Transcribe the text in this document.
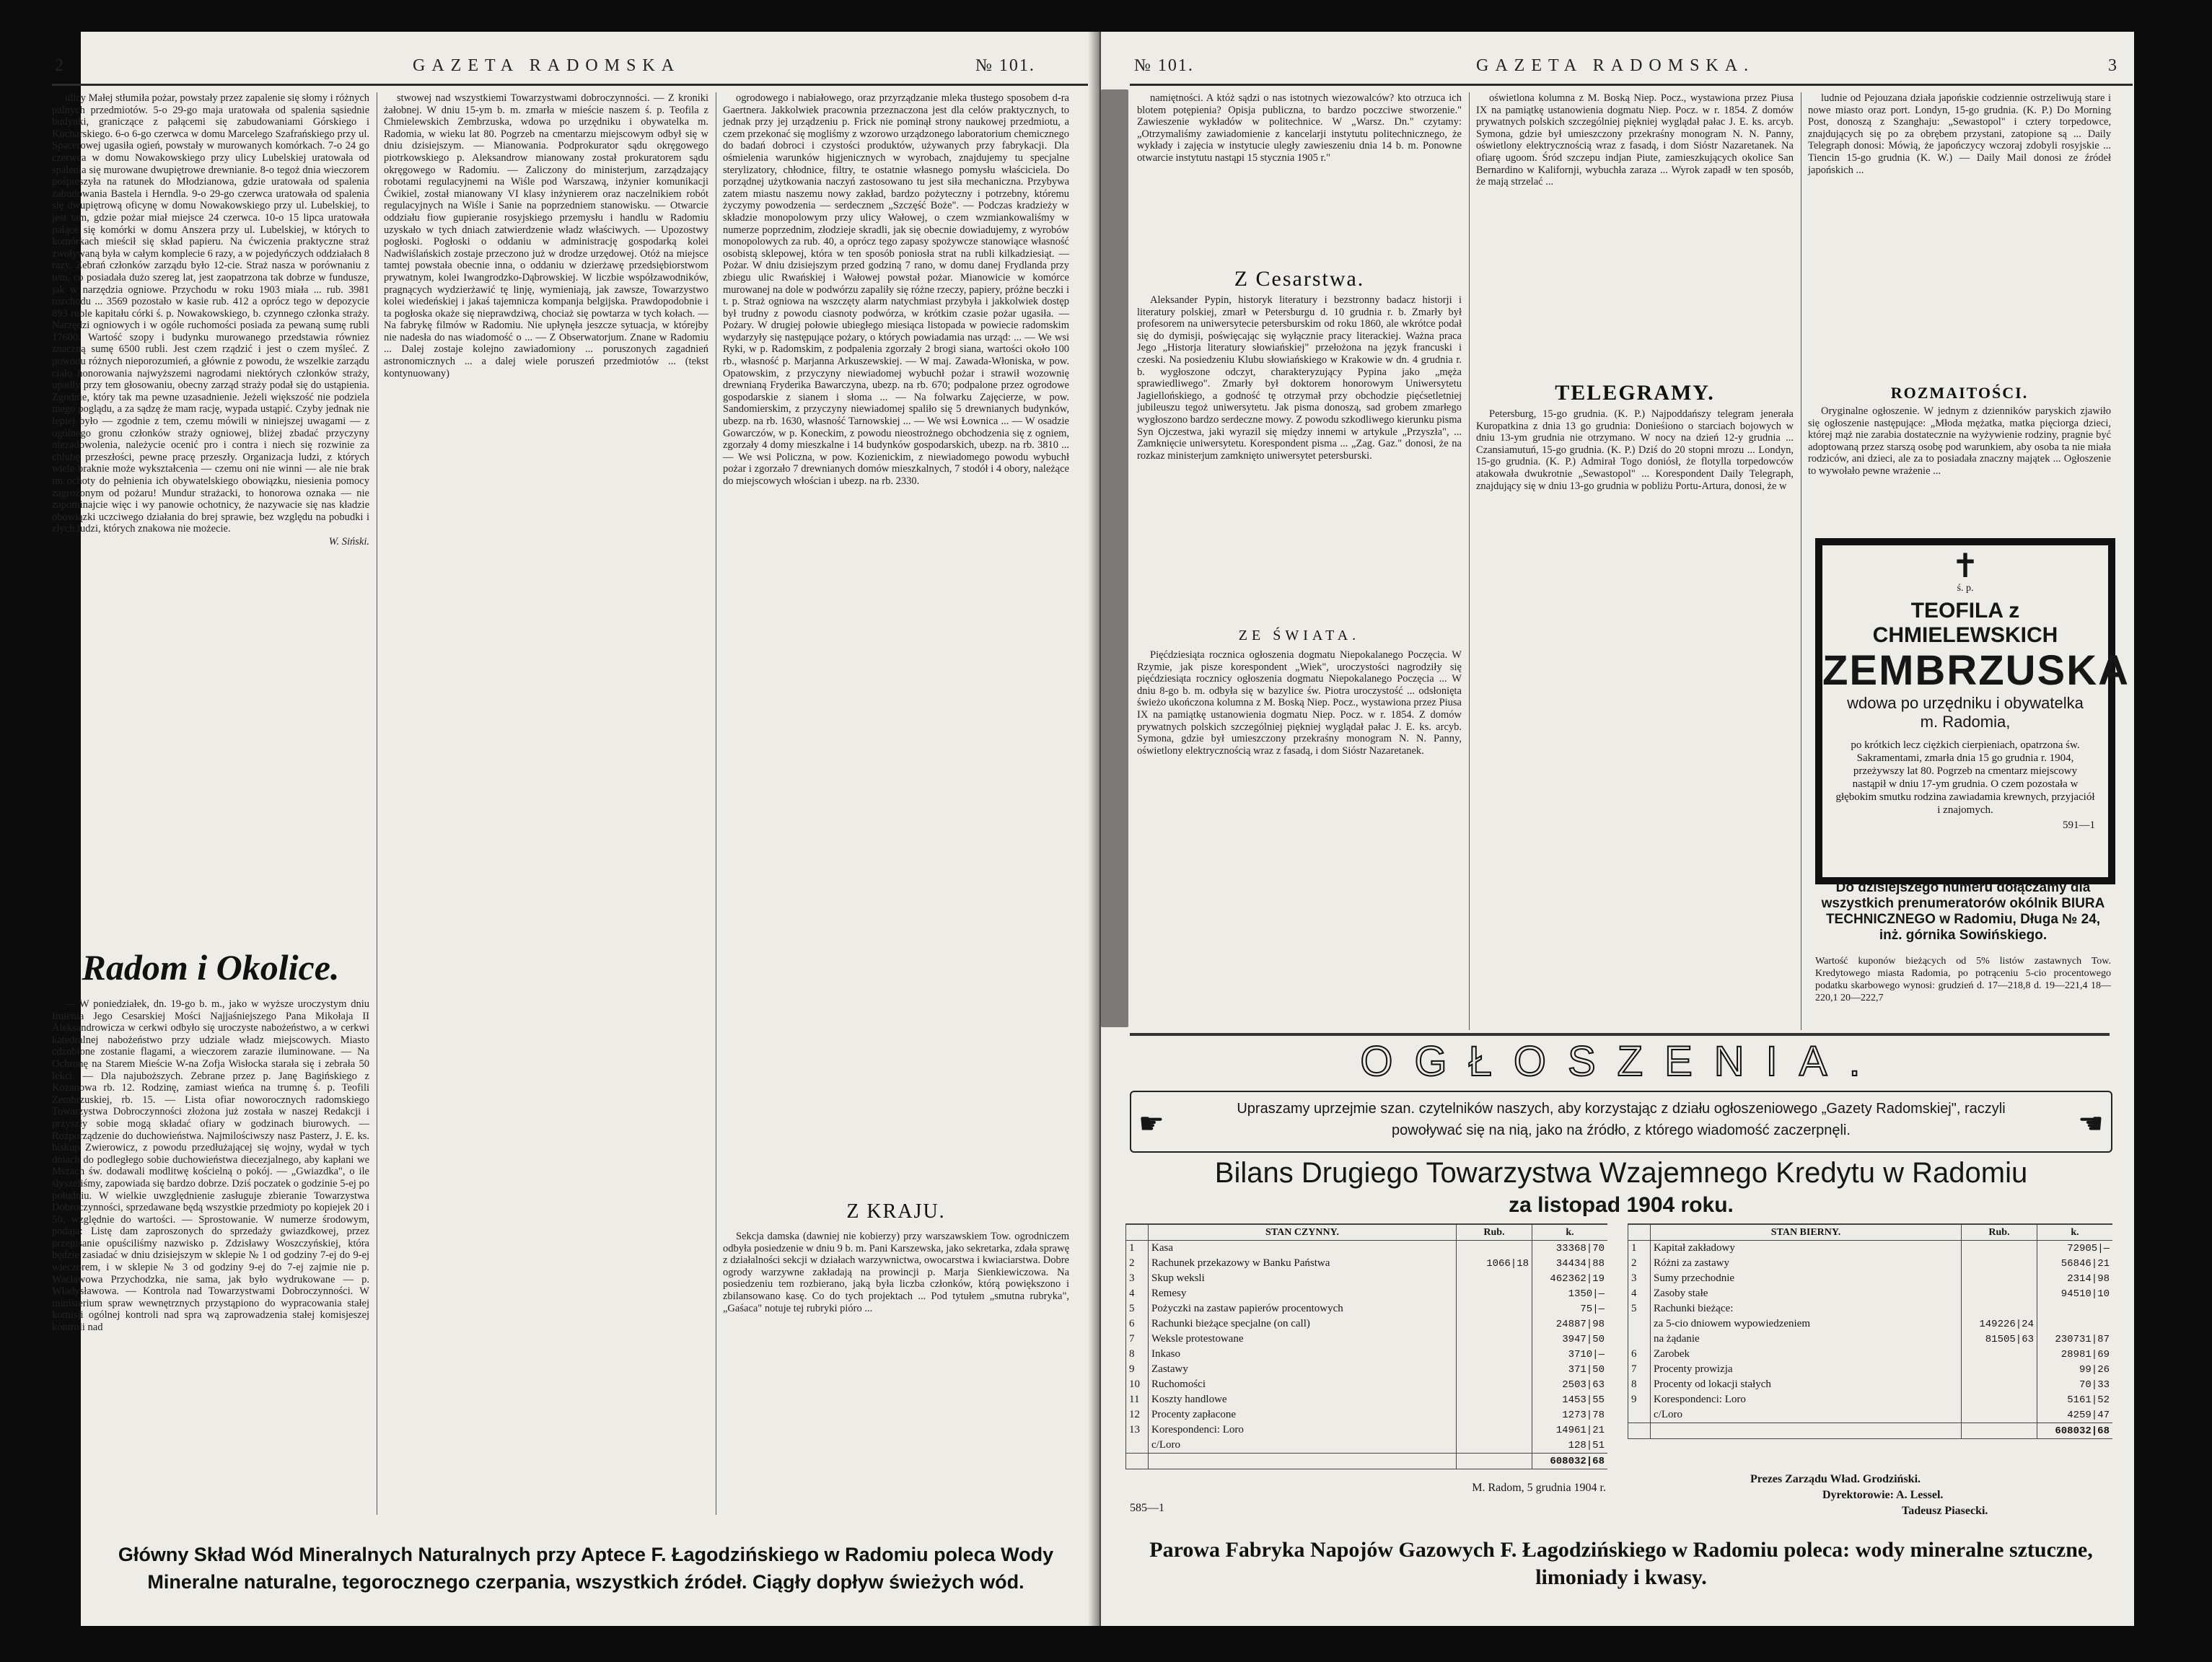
2	GAZETA RADOMSKA	№ 101.

ulicy Małej stłumiła pożar, powstały przez zapalenie się słomy i różnych palnych przedmiotów. 5-o 29-go maja uratowała od spalenia sąsiednie budynki, graniczące z pałącemi się zabudowaniami Górskiego i Kucharskiego. 6-o 6-go czerwca w domu Marcelego Szafrańskiego przy ul. Spacerowej ugasiła ogień, powstały w murowanych komórkach. 7-o 24 go czerwca w domu Nowakowskiego przy ulicy Lubelskiej uratowała od spalenia się murowane dwupiętrowe drewnianie. 8-o tegoż dnia wieczorem pośpieszyła na ratunek do Młodzianowa, gdzie uratowała od spalenia zabudowania Bastela i Herndla. 9-o 29-go czerwca uratowała od spalenia się dwupiętrową oficynę w domu Nowakowskiego przy ul. Lubelskiej, to jest tam, gdzie pożar miał miejsce 24 czerwca. 10-o 15 lipca uratowała pałące się komórki w domu Anszera przy ul. Lubelskiej, w których to komórkach mieścił się skład papieru. Na ćwiczenia praktyczne straż zwoływaną była w całym komplecie 6 razy, a w pojedyńczych oddziałach 8 razy. Zebrań członków zarządu było 12-cie. Straż nasza w porównaniu z tem, co posiadała dużo szereg lat, jest zaopatrzona tak dobrze w fundusze, jak w narzędzia ogniowe. Przychodu w roku 1903 miała ... rub. 3981 rozchodu ... 3569 pozostało w kasie rub. 412 a oprócz tego w depozycie 893 ruble kapitału córki ś. p. Nowakowskiego, b. czynnego członka straży. Narzędzi ogniowych i w ogóle ruchomości posiada za pewaną sumę rubli 17600. Wartość szopy i budynku murowanego przedstawia równiez znaczną sumę 6500 rubli. Jest czem rządzić i jest o czem myśleć. Z powodu różnych nieporozumień, a głównie z powodu, że wszelkie zarządu ciało honorowania najwyższemi nagrodami niektórych członków straży, upadły przy tem głosowaniu, obecny zarząd straży podał się do ustąpienia. Zgodnie, który tak ma pewne uzasadnienie. Jeżeli większość nie podziela mego poglądu, a za sądzę że mam rację, wypada ustąpić. Czyby jednak nie lepiej było — zgodnie z tem, czemu mówili w niniejszej uwagami — z ogólnego gronu członków straży ogniowej, bliżej zbadać przyczyny niezadowolenia, należycie ocenić pro i contra i niech się rozwinie za chlubę przeszłości, pewne pracę przeszły. Organizacja ludzi, z których wiele braknie może wykształcenia — czemu oni nie winni — ale nie brak im ochoty do pełnienia ich obywatelskiego obowiązku, niesienia pomocy zagrożonym od pożaru! Mundur strażacki, to honorowa oznaka — nie zapominajcie więc i wy panowie ochotnicy, że nazywacie się nas kładzie obowiązki uczciwego działania do brej sprawie, bez względu na pobudki i zlych ludzi, których znakowa nie możecie.

W. Siński.
Radom i Okolice.

— W poniedziałek, dn. 19-go b. m., jako w wyższe uroczystym dniu Imienia Jego Cesarskiej Mości Najjaśniejszego Pana Mikołaja II Aleksandrowicza w cerkwi odbyło się uroczyste nabożeństwo, a w cerkwi katedralnej nabożeństwo przy udziale władz miejscowych. Miasto cdzobione zostanie flagami, a wieczorem zarazie iluminowane. — Na Ochronę na Starem Mieście W-na Zofja Wisłocka starała się i zebrała 50 lekci. — Dla najuboższych. Zebrane przez p. Janę Bagińskiego z Kozanowa rb. 12. Rodzinę, zamiast wieńca na trumnę ś. p. Teofili Zembrzuskiej, rb. 15. — Lista ofiar noworocznych radomskiego Towarzystwa Dobroczynności złożona już została w naszej Redakcji i przyszły sobie mogą składać ofiary w godzinach biurowych. — Rozporządzenie do duchowieństwa. Najmilościwszy nasz Pasterz, J. E. ks. biskup Zwierowicz, z powodu przedłużającej się wojny, wydał w tych dniach do podległego sobie duchowieństwa diecezjalnego, aby kapłani we Mszach św. dodawali modlitwę kościelną o pokój. — „Gwiazdka", o ile słyszeliśmy, zapowiada się bardzo dobrze. Dziś poczatek o godzinie 5-ej po południu. W wielkie uwzględnienie zasługuje zbieranie Towarzystwa Dobroczynności, sprzedawane będą wszystkie przedmioty po kopiejek 20 i 50, względnie do wartości. — Sprostowanie. W numerze środowym, podaja: Listę dam zaproszonych do sprzedaży gwiazdkowej, przez przepisanie opuściliśmy nazwisko p. Zdzisławy Woszczyńskiej, która będzie zasiadać w dniu dzisiejszym w sklepie № 1 od godziny 7-ej do 9-ej wieczorem, i w sklepie № 3 od godziny 9-ej do 7-ej zajmie nie p. Wacławowa Przychodzka, nie sama, jak było wydrukowane — p. Władysławowa. — Kontrola nad Towarzystwami Dobroczynności. W ministerium spraw wewnętrznych przystąpiono do wypracowania stałej komisji ogólnej kontroli nad spra wą zaprowadzenia stałej komisjeszej kontroli nad

stwowej nad wszystkiemi Towarzystwami dobroczynności. — Z kroniki żałobnej. W dniu 15-ym b. m. zmarła w mieście naszem ś. p. Teofila z Chmielewskich Zembrzuska, wdowa po urzędniku i obywatelka m. Radomia, w wieku lat 80. Pogrzeb na cmentarzu miejscowym odbył się w dniu dzisiejszym. — Mianowania. Podprokurator sądu okręgowego piotrkowskiego p. Aleksandrow mianowany został prokuratorem sądu okręgowego w Radomiu. — Zaliczony do ministerjum, zarządzający robotami regulacyjnemi na Wiśle pod Warszawą, inżynier komunikacji Ćwikiel, został mianowany VI klasy inżynierem oraz naczelnikiem robót regulacyjnych na Wiśle i Sanie na poprzedniem stanowisku. — Otwarcie oddziału fiow gupieranie rosyjskiego przemysłu i handlu w Radomiu uzyskało w tych dniach zatwierdzenie władz właściwych. — Upozostwy pogłoski. Pogłoski o oddaniu w administrację gospodarką kolei Nadwiślańskich zostaje przeczono już w drodze urzędowej. Otóż na miejsce tamtej powstała obecnie inna, o oddaniu w dzierżawę przedsiębiorstwom prywatnym, kolei Iwangrodzko-Dąbrowskiej. W liczbie współzawodników, pragnących wydzierżawić tę linję, wymieniają, jak zawsze, Towarzystwo kolei wiedeńskiej i jakaś tajemnicza kompanja belgijska. Prawdopodobnie i ta pogłoska okaże się nieprawdziwą, chociaż się powtarza w tych kołach. — Na fabrykę filmów w Radomiu. Nie upłynęła jeszcze sytuacja, w którejby nie nadesła do nas wiadomość o ... — Z Obserwatorjum. Znane w Radomiu ... Dalej zostaje kolejno zawiadomiony ... poruszonych zagadnień astronomicznych ... a dalej wiele poruszeń przedmiotów ... (tekst kontynuowany)

ogrodowego i nabiałowego, oraz przyrządzanie mleka tłustego sposobem d-ra Gaertnera. Jakkolwiek pracownia przeznaczona jest dla celów praktycznych, to jednak przy jej urządzeniu p. Frick nie pominął strony naukowej przedmiotu, a czem przekonać się mogliśmy z wzorowo urządzonego laboratorium chemicznego do badań dobroci i czystości produktów, używanych przy fabrykacji. Dla ośmielenia warunków higjenicznych w wyrobach, znajdujemy tu specjalne sterylizatory, chłodnice, filtry, te ostatnie własnego pomysłu właściciela. Do porządnej użytkowania naczyń zastosowano tu jest siła mechaniczna. Przybywa zatem miastu naszemu nowy zakład, bardzo pożyteczny i potrzebny, któremu życzymy powodzenia — serdecznem „Szczęść Boże". — Podczas kradzieży w składzie monopolowym przy ulicy Wałowej, o czem wzmiankowaliśmy w numerze poprzednim, złodzieje skradli, jak się obecnie dowiadujemy, z wyrobów monopolowych za rub. 40, a oprócz tego zapasy spożywcze stanowiące własność osobistą sklepowej, która w ten sposób poniosła strat na rubli kilkadziesiąt. — Pożar. W dniu dzisiejszym przed godziną 7 rano, w domu danej Frydlanda przy zbiegu ulic Rwańskiej i Wałowej powstał pożar. Mianowicie w komórce murowanej na dole w podwórzu zapaliły się różne rzeczy, papiery, próżne beczki i t. p. Straż ogniowa na wszczęty alarm natychmiast przybyła i jakkolwiek dostęp był trudny z powodu ciasnoty podwórza, w krótkim czasie pożar ugasiła. — Pożary. W drugiej połowie ubiegłego miesiąca listopada w powiecie radomskim wydarzyły się następujące pożary, o których powiadamia nas urząd: ... — We wsi Ryki, w p. Radomskim, z podpalenia zgorzały 2 brogi siana, wartości około 100 rb., własność p. Marjanna Arkuszewskiej. — W maj. Zawada-Włoniska, w pow. Opatowskim, z przyczyny niewiadomej wybuchł pożar i strawił wozownię drewnianą Fryderika Bawarczyna, ubezp. na rb. 670; podpalone przez ogrodowe gospodarskie z sianem i słoma ... — Na folwarku Zajęcierze, w pow. Sandomierskim, z przyczyny niewiadomej spaliło się 5 drewnianych budynków, ubezp. na rb. 1630, własność Tarnowskiej ... — We wsi Łownica ... — W osadzie Gowarczów, w p. Koneckim, z powodu nieostrożnego obchodzenia się z ogniem, zgorzały 4 domy mieszkalne i 14 budynków gospodarskich, ubezp. na rb. 3810 ... — We wsi Policzna, w pow. Kozienickim, z niewiadomego powodu wybuchł pożar i zgorzało 7 drewnianych domów mieszkalnych, 7 stodół i 4 obory, należące do miejscowych włościan i ubezp. na rb. 2330.

Z KRAJU.

Sekcja damska (dawniej nie kobierzy) przy warszawskiem Tow. ogrodniczem odbyła posiedzenie w dniu 9 b. m. Pani Karszewska, jako sekretarka, zdała sprawę z działalności sekcji w działach warzywnictwa, owocarstwa i kwiaciarstwa. Dobre ogrody warzywne zakładają na prowincji p. Marja Sienkiewiczowa. Na posiedzeniu tem rozbierano, jaką była liczba członków, którą powiększono i zbilansowano kasę. Co do tych projektach ... Pod tytułem „smutna rubryka", „Gaśaca" notuje tej rubryki pióro ...

Główny Skład Wód Mineralnych Naturalnych przy Aptece F. Łagodzińskiego w Radomiu poleca Wody Mineralne naturalne, tegorocznego czerpania, wszystkich źródeł. Ciągły dopływ świeżych wód.
№ 101.	GAZETA RADOMSKA.	3

namiętności. A któż sądzi o nas istotnych wiezowalców? kto otrzuca ich blotem potępienia? Opisja publiczna, to bardzo poczciwe stworzenie." Zawieszenie wykładów w politechnice. W „Warsz. Dn." czytamy: „Otrzymaliśmy zawiadomienie z kancelarji instytutu politechnicznego, że wykłady i zajęcia w instytucie uległy zawieszeniu dnia 14 b. m. Ponowne otwarcie instytutu nastąpi 15 stycznia 1905 r."

Z Cesarstwa.

Aleksander Pypin, historyk literatury i bezstronny badacz historji i literatury polskiej, zmarł w Petersburgu d. 10 grudnia r. b. Zmarły był profesorem na uniwersytecie petersburskim od roku 1860, ale wkrótce podał się do dymisji, poświęcając się wyłącznie pracy literackiej. Ważna praca Jego „Historja literatury słowiańskiej" przełożona na język francuski i czeski. Na posiedzeniu Klubu słowiańskiego w Krakowie w dn. 4 grudnia r. b. wygłoszone odczyt, charakteryzujący Pypina jako „męża sprawiedliwego". Zmarły był doktorem honorowym Uniwersytetu Jagiellońskiego, a godność tę otrzymał przy obchodzie pięćsetletniej jubileuszu tegoż uniwersytetu. Jak pisma donoszą, sad grobem zmarłego wygłoszono bardzo serdeczne mowy. Z powodu szkodliwego kierunku pisma Syn Ojczestwa, jaki wyrazil się między innemi w artykule „Przyszła", ... Zamknięcie uniwersytetu. Korespondent pisma ... „Zag. Gaz." donosi, że na rozkaz ministerjum zamknięto uniwersytet petersburski.

ZE ŚWIATA.

Pięćdziesiąta rocznica ogłoszenia dogmatu Niepokalanego Poczęcia. W Rzymie, jak pisze korespondent „Wiek", uroczystości nagrodziły się pięćdziesiąta rocznicy ogłoszenia dogmatu Niepokalanego Poczęcia ... W dniu 8-go b. m. odbyła się w bazylice św. Piotra uroczystość ... odsłonięta świeżo ukończona kolumna z M. Boską Niep. Pocz., wystawiona przez Piusa IX na pamiątkę ustanowienia dogmatu Niep. Pocz. w r. 1854. Z domów prywatnych polskich szczególniej piękniej wyglądał pałac J. E. ks. arcyb. Symona, gdzie był umieszczony przekraśny monogram N. N. Panny, oświetlony elektrycznością wraz z fasadą, i dom Sióstr Nazaretanek.

oświetlona kolumna z M. Boską Niep. Pocz., wystawiona przez Piusa IX na pamiątkę ustanowienia dogmatu Niep. Pocz. w r. 1854. Z domów prywatnych polskich szczególniej piękniej wyglądał pałac J. E. ks. arcyb. Symona, gdzie był umieszczony przekraśny monogram N. N. Panny, oświetlony elektrycznością wraz z fasadą, i dom Sióstr Nazaretanek. Na ofiarę ugoom. Śród szczepu indjan Piute, zamieszkujących okolice San Bernardino w Kalifornji, wybuchła zaraza ... Wyrok zapadł w ten sposób, że mają strzelać ...

TELEGRAMY.

Petersburg, 15-go grudnia. (K. P.) Najpoddańszy telegram jenerała Kuropatkina z dnia 13 go grudnia: Donieśiono o starciach bojowych w dniu 13-ym grudnia nie otrzymano. W nocy na dzień 12-y grudnia ... Czansiamutuń, 15-go grudnia. (K. P.) Dziś do 20 stopni mrozu ... Londyn, 15-go grudnia. (K. P.) Admirał Togo doniósł, że flotylla torpedowców atakowała dwukrotnie „Sewastopol" ... Korespondent Daily Telegraph, znajdujący się w dniu 13-go grudnia w pobliżu Portu-Artura, donosi, że w

ludnie od Pejouzana działa japońskie codziennie ostrzeliwują stare i nowe miasto oraz port. Londyn, 15-go grudnia. (K. P.) Do Morning Post, donoszą z Szanghaju: „Sewastopol" i cztery torpedowce, znajdujących się po za obrębem przystani, zatopione są ... Daily Telegraph donosi: Mówią, że japończycy wczoraj zdobyli rosyjskie ... Tiencin 15-go grudnia (K. W.) — Daily Mail donosi ze źródeł japońskich ...

ROZMAITOŚCI.

Oryginalne ogłoszenie. W jednym z dzienników paryskich zjawiło się ogłoszenie następujące: „Młoda mężatka, matka pięciorga dzieci, której mąż nie zarabia dostatecznie na wyżywienie rodziny, pragnie być adoptowaną przez starszą osobę pod warunkiem, aby osoba ta nie miała rodziców, ani dzieci, ale za to posiadała znaczny majątek ... Ogłoszenie to wywołało pewne wrażenie ...

✝
ś. p.
TEOFILA z CHMIELEWSKICH
ZEMBRZUSKA
wdowa po urzędniku i obywatelka
m. Radomia,
po krótkich lecz ciężkich cierpieniach, opatrzona św. Sakramentami, zmarła dnia 15 go grudnia r. 1904, przeżywszy lat 80. Pogrzeb na cmentarz miejscowy nastąpił w dniu 17-ym grudnia. O czem pozostała w głębokim smutku rodzina zawiadamia krewnych, przyjaciół i znajomych.
591—1
Do dzisiejszego numeru dołączamy dla wszystkich prenumeratorów okólnik BIURA TECHNICZNEGO w Radomiu, Długa № 24, inż. górnika Sowińskiego.
Wartość kuponów bieżących od 5% listów zastawnych Tow. Kredytowego miasta Radomia, po potrąceniu 5-cio procentowego podatku skarbowego wynosi: grudzień d. 17—218,8 d. 19—221,4 18—220,1 20—222,7
OGŁOSZENIA.
☛	☛
Upraszamy uprzejmie szan. czytelników naszych, aby korzystając z działu ogłoszeniowego „Gazety Radomskiej", raczyli powoływać się na nią, jako na źródło, z którego wiadomość zaczerpnęli.
Bilans Drugiego Towarzystwa Wzajemnego Kredytu w Radomiu
za listopad 1904 roku.
	STAN CZYNNY.	Rub.	k.
1	Kasa		33368|70
2	Rachunek przekazowy w Banku Państwa	1066|18	34434|88
3	Skup weksli		462362|19
4	Remesy		1350|—
5	Pożyczki na zastaw papierów procentowych		75|—
6	Rachunki bieżące specjalne (on call)		24887|98
7	Weksle protestowane		3947|50
8	Inkaso		3710|—
9	Zastawy		371|50
10	Ruchomości		2503|63
11	Koszty handlowe		1453|55
12	Procenty zapłacone		1273|78
13	Korespondenci: Loro		14961|21
	c/Loro		128|51
			608032|68
	STAN BIERNY.	Rub.	k.
1	Kapitał zakładowy		72905|—
2	Różni za zastawy		56846|21
3	Sumy przechodnie		2314|98
4	Zasoby stałe		94510|10
5	Rachunki bieżące:		
	za 5-cio dniowem wypowiedzeniem	149226|24	
	na żądanie	81505|63	230731|87
6	Zarobek		28981|69
7	Procenty prowizja		99|26
8	Procenty od lokacji stałych		70|33
9	Korespondenci: Loro		5161|52
	c/Loro		4259|47
			608032|68
M. Radom, 5 grudnia 1904 r.
585—1
Prezes Zarządu Wład. Grodziński.
Dyrektorowie: A. Lessel.
Tadeusz Piasecki.
Parowa Fabryka Napojów Gazowych F. Łagodzińskiego w Radomiu poleca: wody mineralne sztuczne, limoniady i kwasy.
